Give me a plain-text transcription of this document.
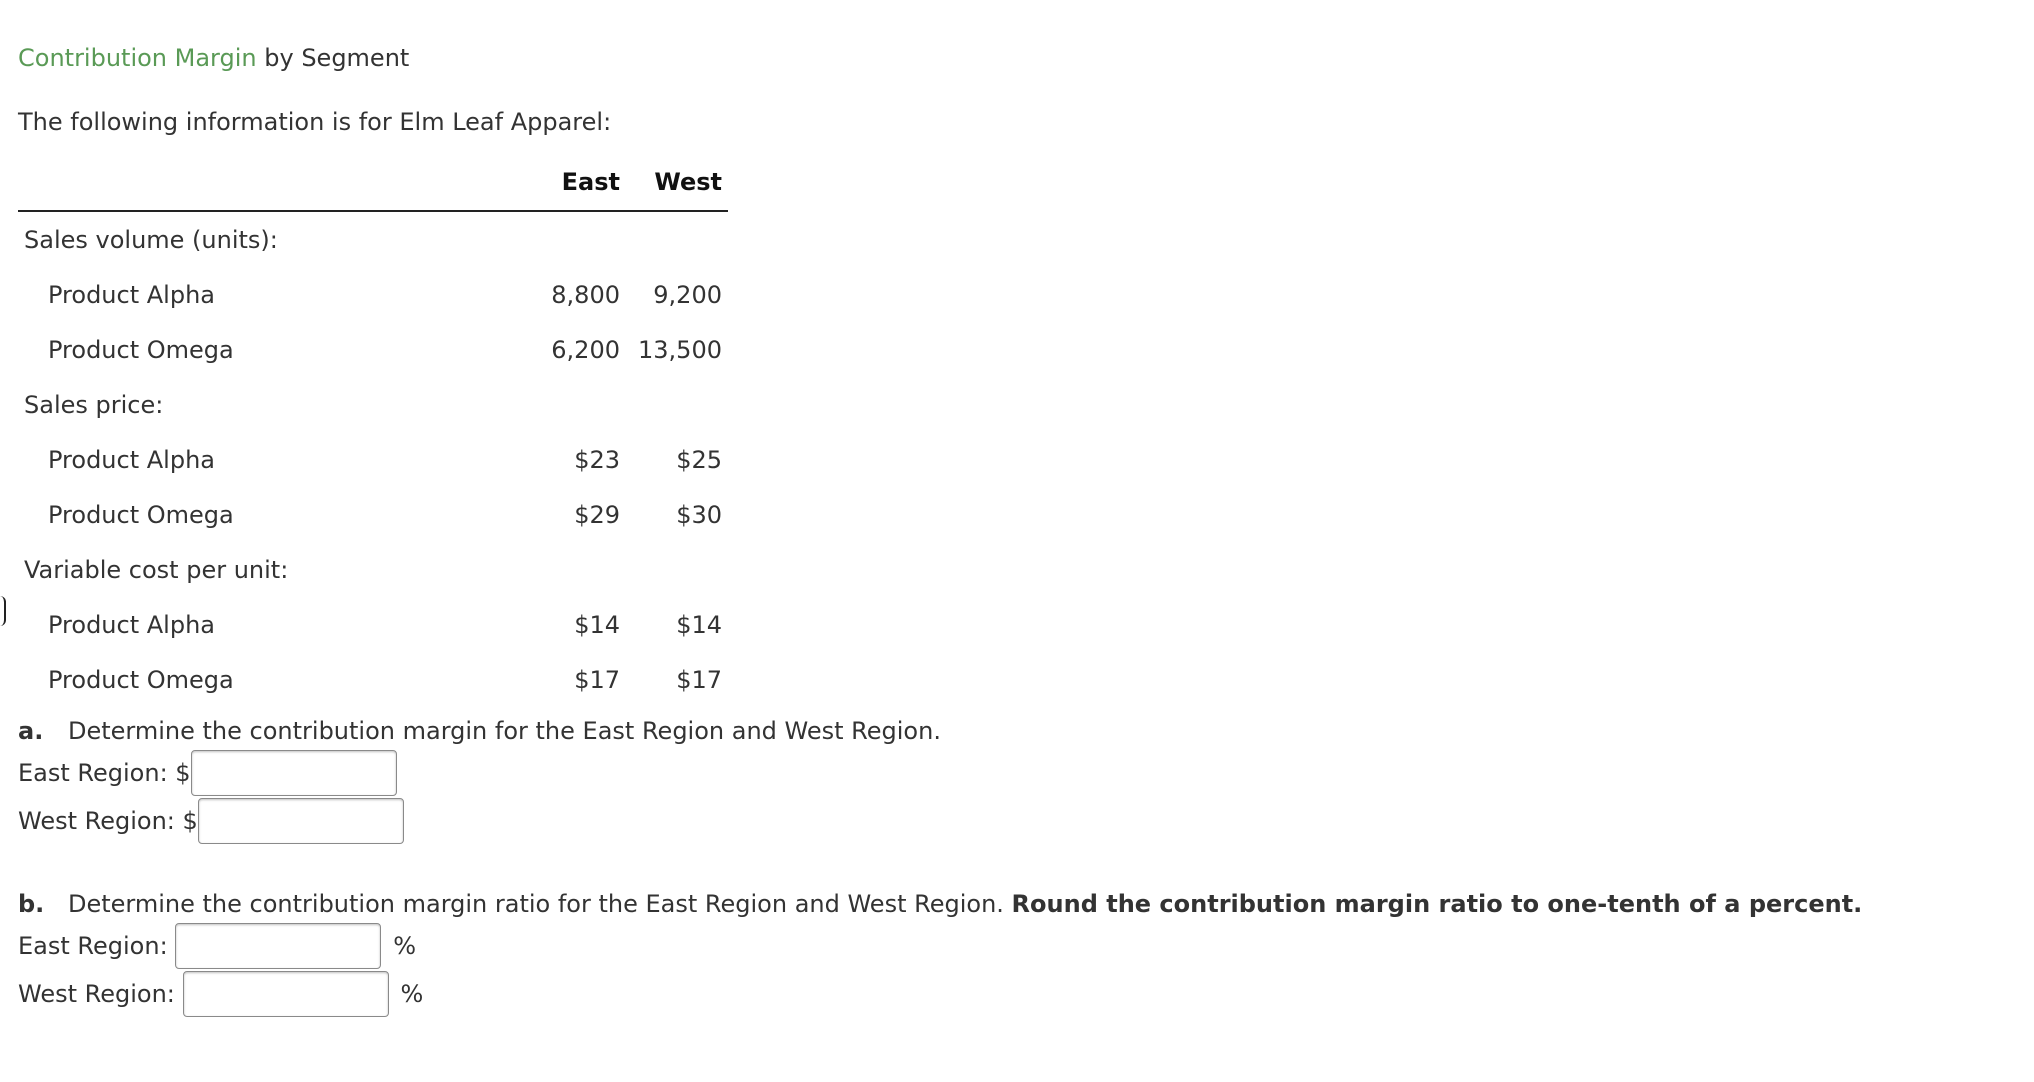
Contribution Margin by Segment

The following information is for Elm Leaf Apparel:

	East	West
Sales volume (units):		
Product Alpha	8,800	9,200
Product Omega	6,200	13,500
Sales price:		
Product Alpha	$23	$25
Product Omega	$29	$30
Variable cost per unit:		
Product Alpha	$14	$14
Product Omega	$17	$17

a. Determine the contribution margin for the East Region and West Region.

East Region: $
West Region: $

b. Determine the contribution margin ratio for the East Region and West Region. Round the contribution margin ratio to one-tenth of a percent.

East Region:	%
West Region:	%
